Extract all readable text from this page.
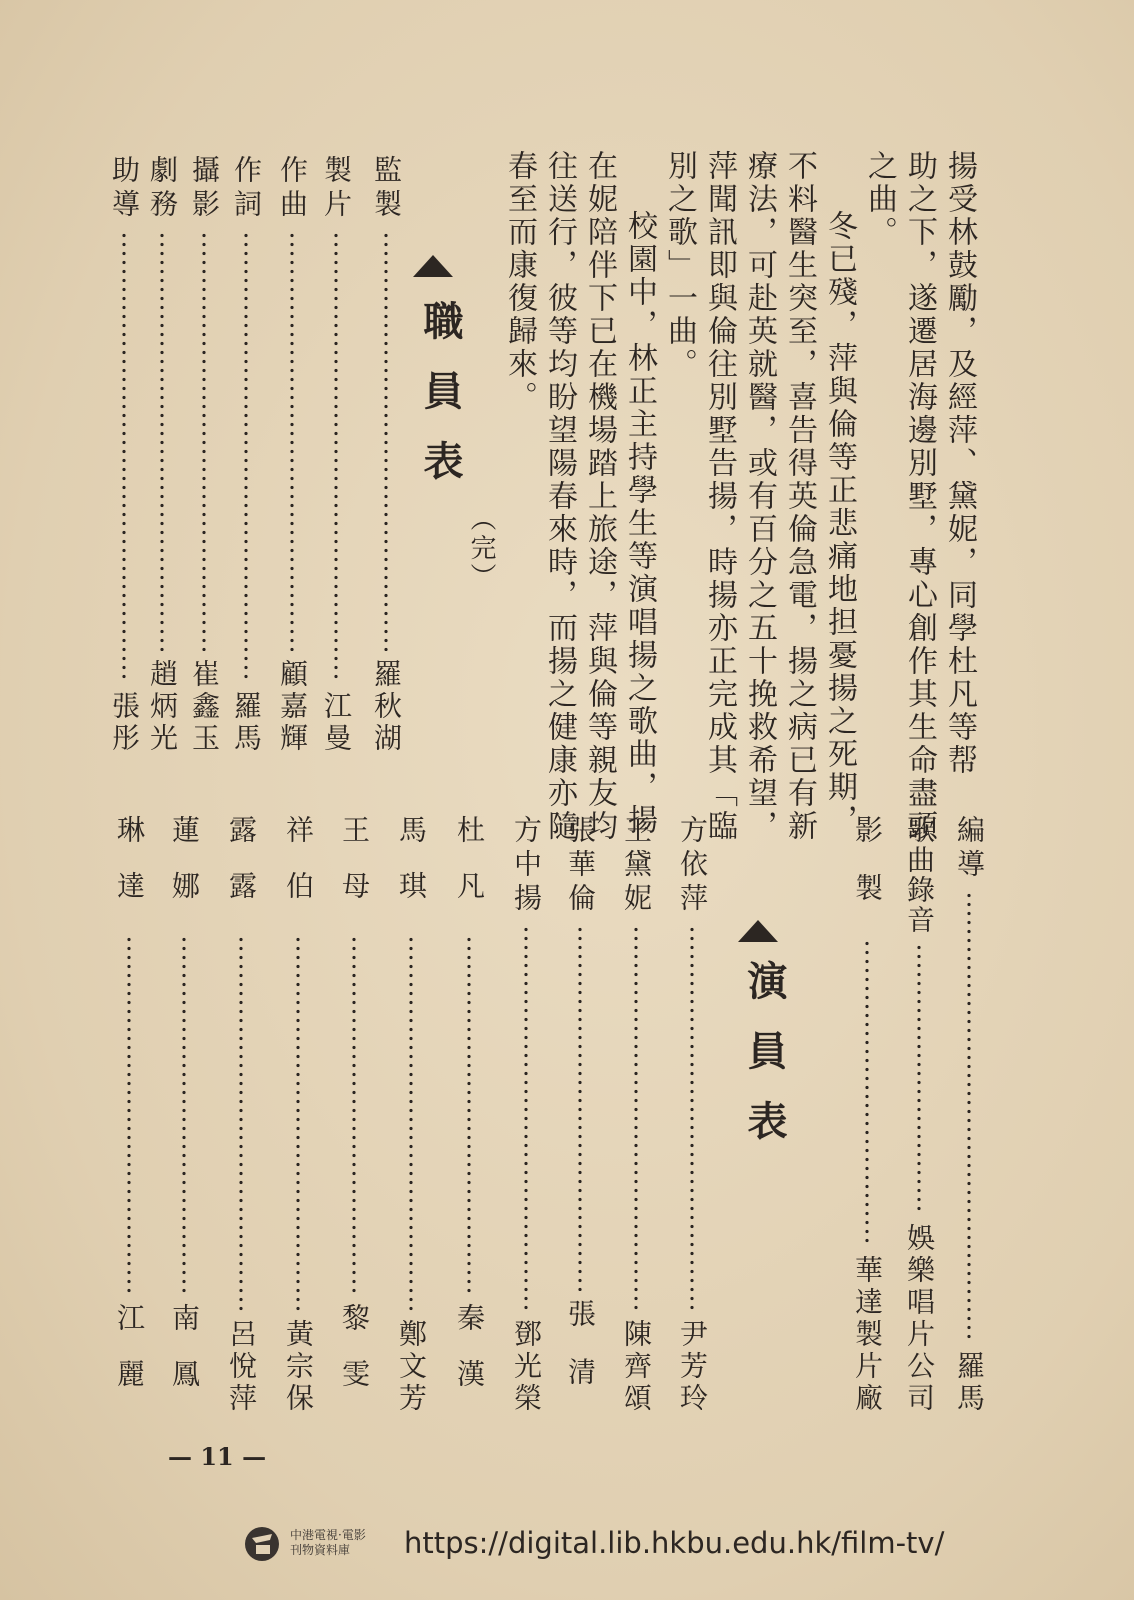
揚受林鼓勵，及經萍、黛妮，同學杜凡等帮
助之下，遂遷居海邊別墅，專心創作其生命盡頭
之曲。
冬已殘，萍與倫等正悲痛地担憂揚之死期，
不料醫生突至，喜告得英倫急電，揚之病已有新
療法，可赴英就醫，或有百分之五十挽救希望，
萍聞訊即與倫往別墅告揚，時揚亦正完成其「臨
別之歌」一曲。
校園中，林正主持學生等演唱揚之歌曲，揚
在妮陪伴下已在機場踏上旅途，萍與倫等親友均
往送行，彼等均盼望陽春來時，而揚之健康亦隨
春至而康復歸來。
（完）
職員表
監製
羅秋湖
製片
江曼
作曲
顧嘉輝
作詞
羅馬
攝影
崔鑫玉
劇務
趙炳光
助導
張彤
編導
羅馬
歌曲錄音
娛樂唱片公司
影製
華達製片廠
演員表
方依萍
尹芳玲
王黛妮
陳齊頌
張華倫
張清
方中揚
鄧光榮
杜凡
秦漢
馬琪
鄭文芳
王母
黎雯
祥伯
黃宗保
露露
呂悅萍
蓮娜
南鳳
琳達
江麗
— 11 —
中港電視·電影
刊物資料庫	https://digital.lib.hkbu.edu.hk/film-tv/
